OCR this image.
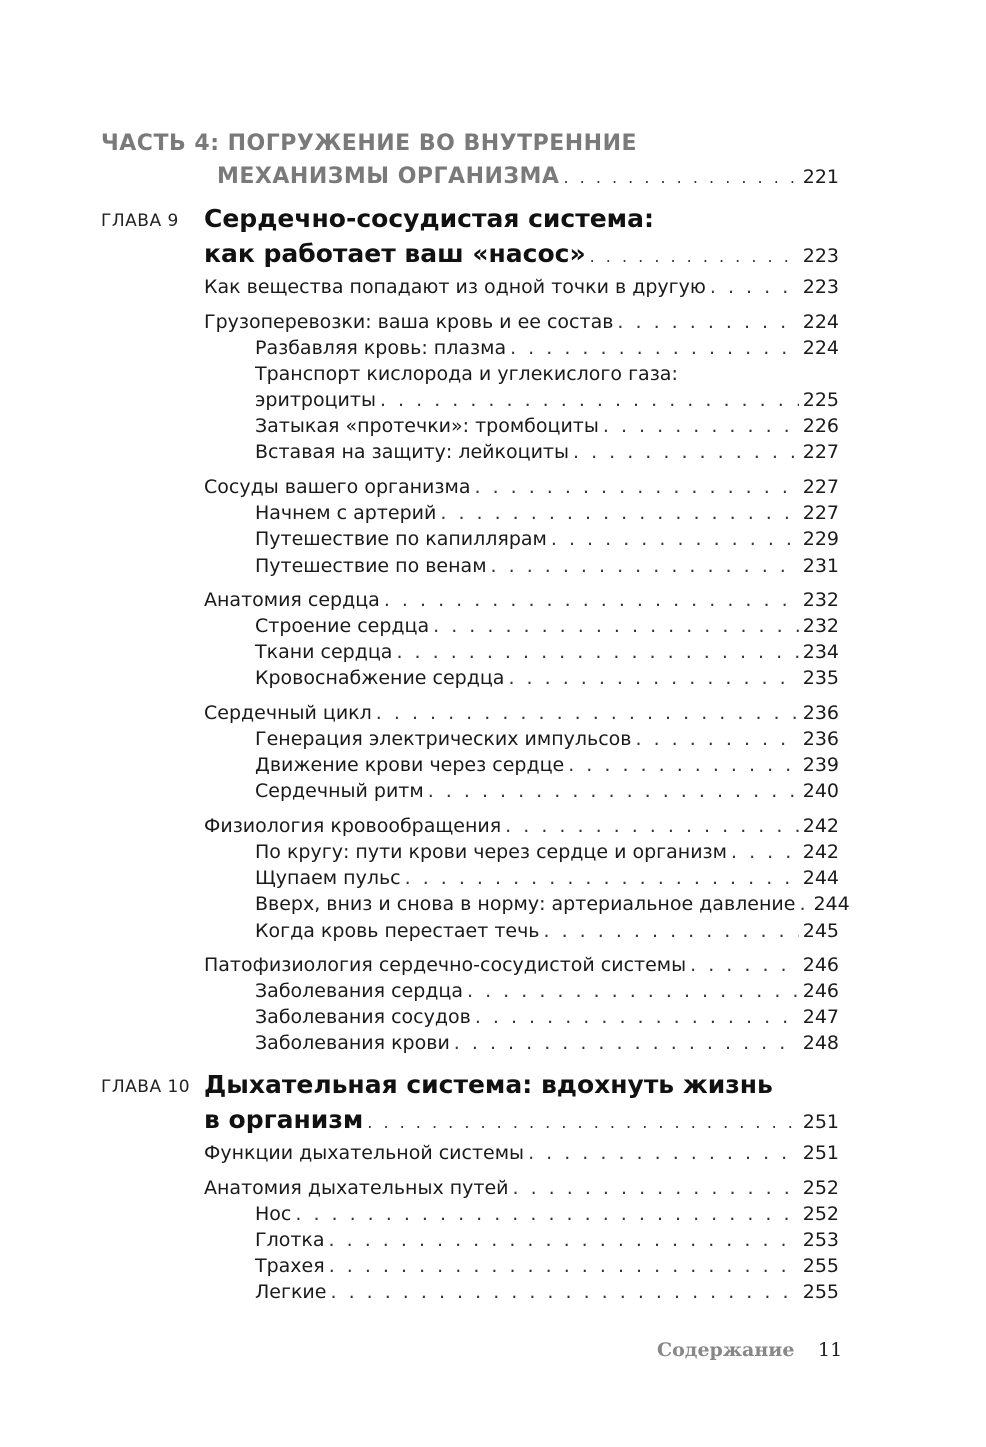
ЧАСТЬ 4: ПОГРУЖЕНИЕ ВО ВНУТРЕННИЕ
МЕХАНИЗМЫ ОРГАНИЗМА . . .	221
ГЛАВА 9 Сердечно-сосудистая система:
как работает ваш «насос» . . .	223
Как вещества попадают из одной точки в другую . . .	223
Грузоперевозки: ваша кровь и ее состав . . .	224
Разбавляя кровь: плазма . . .	224
Транспорт кислорода и углекислого газа:
эритроциты . . .	225
Затыкая «протечки»: тромбоциты . . .	226
Вставая на защиту: лейкоциты . . .	227
Сосуды вашего организма . . .	227
Начнем с артерий . . .	227
Путешествие по капиллярам . . .	229
Путешествие по венам . . .	231
Анатомия сердца . . .	232
Строение сердца . . .	232
Ткани сердца . . .	234
Кровоснабжение сердца . . .	235
Сердечный цикл . . .	236
Генерация электрических импульсов . . .	236
Движение крови через сердце . . .	239
Сердечный ритм . . .	240
Физиология кровообращения . . .	242
По кругу: пути крови через сердце и организм . . .	242
Щупаем пульс . . .	244
Вверх, вниз и снова в норму: артериальное давление . . . 244
Когда кровь перестает течь . . .	245
Патофизиология сердечно-сосудистой системы . . .	246
Заболевания сердца . . .	246
Заболевания сосудов . . .	247
Заболевания крови . . .	248
ГЛАВА 10 Дыхательная система: вдохнуть жизнь
в организм . . .	251
Функции дыхательной системы . . .	251
Анатомия дыхательных путей . . .	252
Нос . . .	252
Глотка . . .	253
Трахея . . .	255
Легкие . . .	255
Содержание 11
